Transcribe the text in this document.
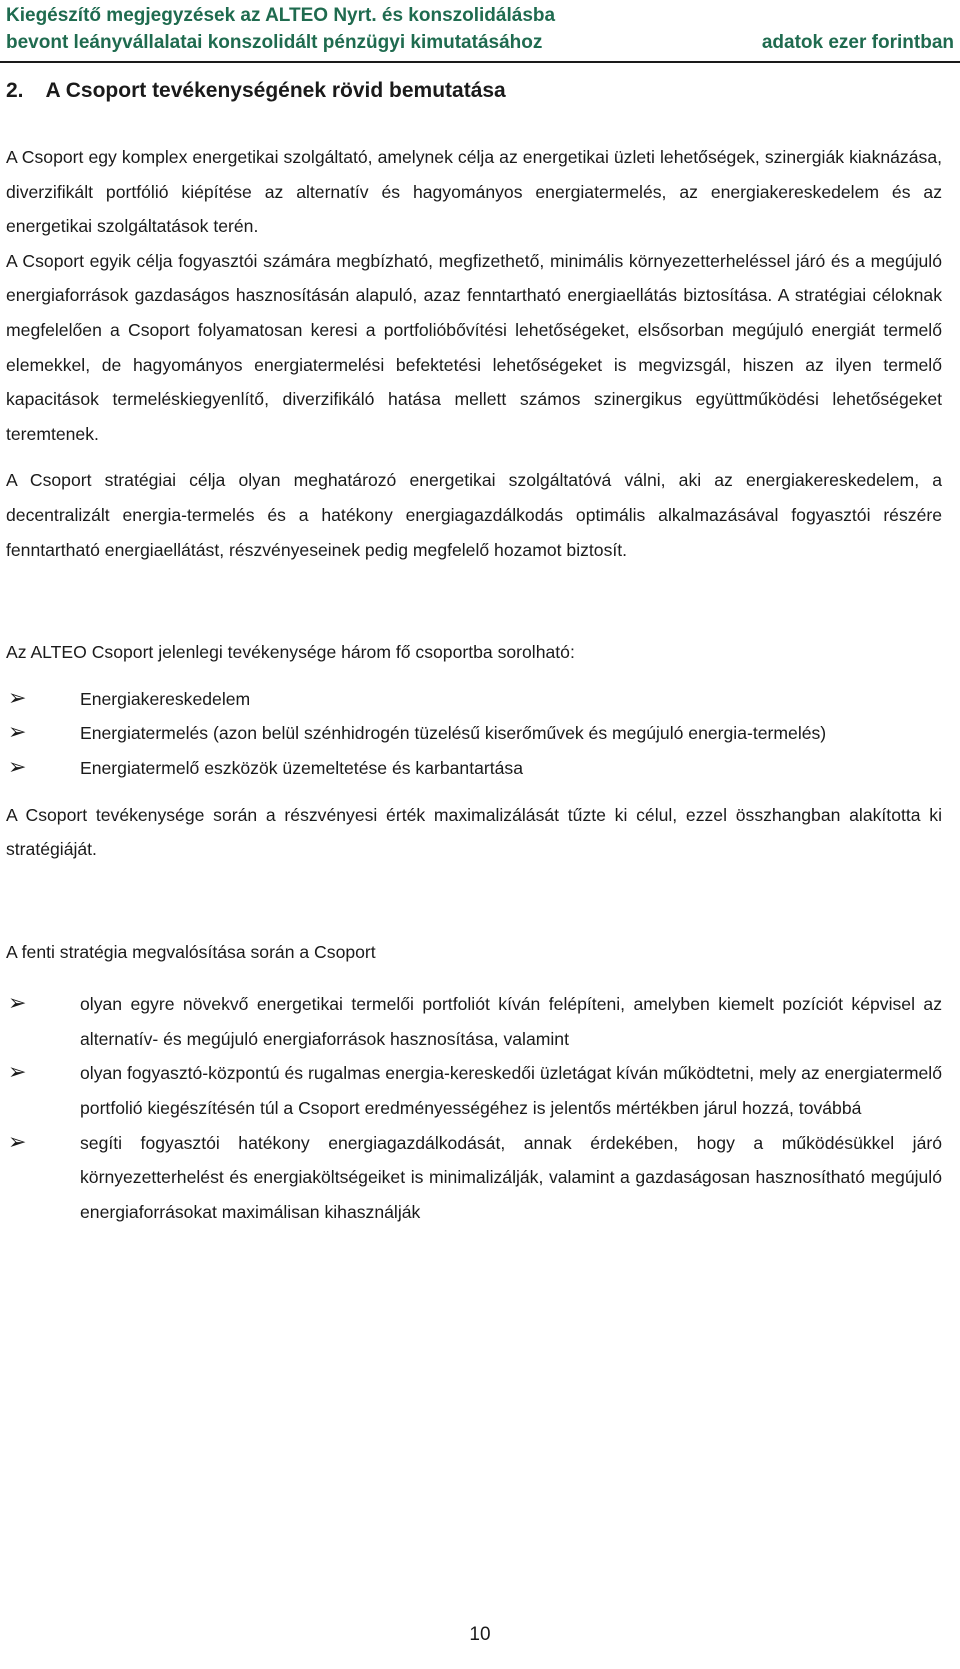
Kiegészítő megjegyzések az ALTEO Nyrt. és konszolidálásba
bevont leányvállalatai konszolidált pénzügyi kimutatásához	adatok ezer forintban
2. A Csoport tevékenységének rövid bemutatása

A Csoport egy komplex energetikai szolgáltató, amelynek célja az energetikai üzleti lehetőségek, szinergiák kiaknázása, diverzifikált portfólió kiépítése az alternatív és hagyományos energiatermelés, az energiakereskedelem és az energetikai szolgáltatások terén.

A Csoport egyik célja fogyasztói számára megbízható, megfizethető, minimális környezetterheléssel járó és a megújuló energiaforrások gazdaságos hasznosításán alapuló, azaz fenntartható energiaellátás biztosítása. A stratégiai céloknak megfelelően a Csoport folyamatosan keresi a portfolióbővítési lehetőségeket, elsősorban megújuló energiát termelő elemekkel, de hagyományos energiatermelési befektetési lehetőségeket is megvizsgál, hiszen az ilyen termelő kapacitások termeléskiegyenlítő, diverzifikáló hatása mellett számos szinergikus együttműködési lehetőségeket teremtenek.

A Csoport stratégiai célja olyan meghatározó energetikai szolgáltatóvá válni, aki az energiakereskedelem, a decentralizált energia-termelés és a hatékony energiagazdálkodás optimális alkalmazásával fogyasztói részére fenntartható energiaellátást, részvényeseinek pedig megfelelő hozamot biztosít.

Az ALTEO Csoport jelenlegi tevékenysége három fő csoportba sorolható:

➢	Energiakereskedelem
➢	Energiatermelés (azon belül szénhidrogén tüzelésű kiserőművek és megújuló energia-termelés)
➢	Energiatermelő eszközök üzemeltetése és karbantartása

A Csoport tevékenysége során a részvényesi érték maximalizálását tűzte ki célul, ezzel összhangban alakította ki stratégiáját.

A fenti stratégia megvalósítása során a Csoport

➢	olyan egyre növekvő energetikai termelői portfoliót kíván felépíteni, amelyben kiemelt pozíciót képvisel az alternatív- és megújuló energiaforrások hasznosítása, valamint
➢	olyan fogyasztó-központú és rugalmas energia-kereskedői üzletágat kíván működtetni, mely az energiatermelő portfolió kiegészítésén túl a Csoport eredményességéhez is jelentős mértékben járul hozzá, továbbá
➢	segíti fogyasztói hatékony energiagazdálkodását, annak érdekében, hogy a működésükkel járó környezetterhelést és energiaköltségeiket is minimalizálják, valamint a gazdaságosan hasznosítható megújuló energiaforrásokat maximálisan kihasználják
10
